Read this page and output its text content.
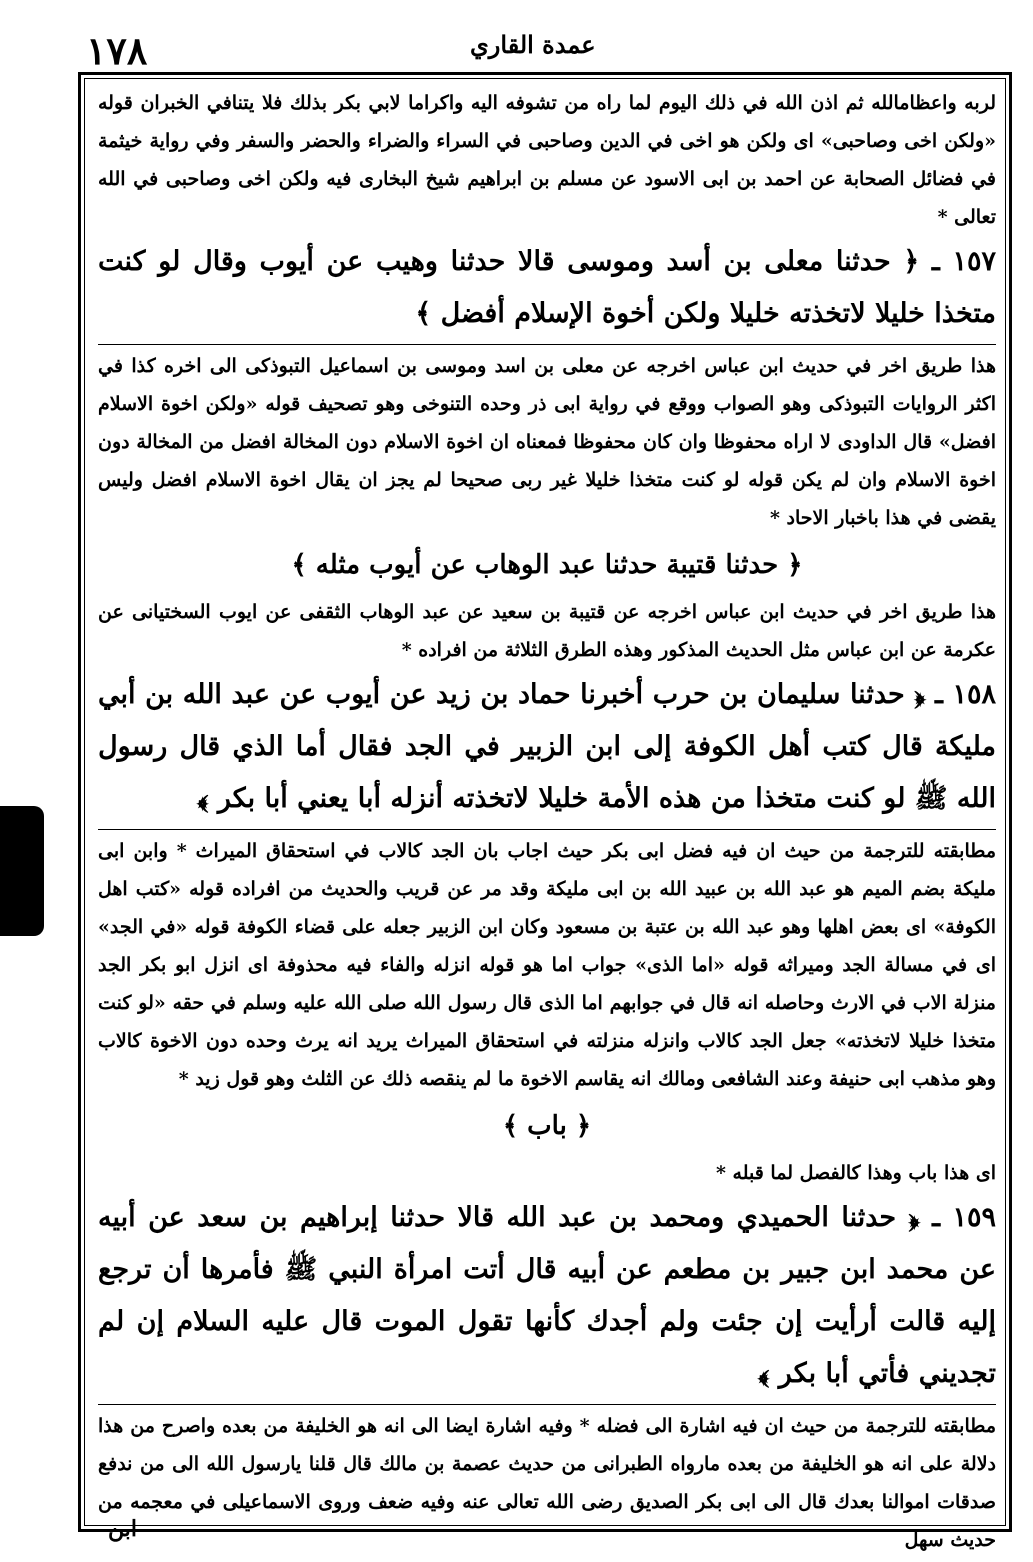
١٧٨	عمدة القاري

لربه واعظامالله ثم اذن الله في ذلك اليوم لما راه من تشوفه اليه واكراما لابي بكر بذلك فلا يتنافي الخبران قوله «ولكن اخى وصاحبى» اى ولكن هو اخى في الدين وصاحبى في السراء والضراء والحضر والسفر وفي رواية خيثمة في فضائل الصحابة عن احمد بن ابى الاسود عن مسلم بن ابراهيم شيخ البخارى فيه ولكن اخى وصاحبى في الله تعالى *

١٥٧ ـ ﴿ حدثنا معلى بن أسد وموسى قالا حدثنا وهيب عن أيوب وقال لو كنت متخذا خليلا لاتخذته خليلا ولكن أخوة الإسلام أفضل ﴾

هذا طريق اخر في حديث ابن عباس اخرجه عن معلى بن اسد وموسى بن اسماعيل التبوذكى الى اخره كذا في اكثر الروايات التبوذكى وهو الصواب ووقع في رواية ابى ذر وحده التنوخى وهو تصحيف قوله «ولكن اخوة الاسلام افضل» قال الداودى لا اراه محفوظا وان كان محفوظا فمعناه ان اخوة الاسلام دون المخالة افضل من المخالة دون اخوة الاسلام وان لم يكن قوله لو كنت متخذا خليلا غير ربى صحيحا لم يجز ان يقال اخوة الاسلام افضل وليس يقضى في هذا باخبار الاحاد *

﴿ حدثنا قتيبة حدثنا عبد الوهاب عن أيوب مثله ﴾

هذا طريق اخر في حديث ابن عباس اخرجه عن قتيبة بن سعيد عن عبد الوهاب الثقفى عن ايوب السختيانى عن عكرمة عن ابن عباس مثل الحديث المذكور وهذه الطرق الثلاثة من افراده *

١٥٨ ـ ﴿ حدثنا سليمان بن حرب أخبرنا حماد بن زيد عن أيوب عن عبد الله بن أبي مليكة قال كتب أهل الكوفة إلى ابن الزبير في الجد فقال أما الذي قال رسول الله ﷺ لو كنت متخذا من هذه الأمة خليلا لاتخذته أنزله أبا يعني أبا بكر ﴾

مطابقته للترجمة من حيث ان فيه فضل ابى بكر حيث اجاب بان الجد كالاب في استحقاق الميراث * وابن ابى مليكة بضم الميم هو عبد الله بن عبيد الله بن ابى مليكة وقد مر عن قريب والحديث من افراده قوله «كتب اهل الكوفة» اى بعض اهلها وهو عبد الله بن عتبة بن مسعود وكان ابن الزبير جعله على قضاء الكوفة قوله «في الجد» اى في مسالة الجد وميراثه قوله «اما الذى» جواب اما هو قوله انزله والفاء فيه محذوفة اى انزل ابو بكر الجد منزلة الاب في الارث وحاصله انه قال في جوابهم اما الذى قال رسول الله صلى الله عليه وسلم في حقه «لو كنت متخذا خليلا لاتخذته» جعل الجد كالاب وانزله منزلته في استحقاق الميراث يريد انه يرث وحده دون الاخوة كالاب وهو مذهب ابى حنيفة وعند الشافعى ومالك انه يقاسم الاخوة ما لم ينقصه ذلك عن الثلث وهو قول زيد *

﴿ باب ﴾

اى هذا باب وهذا كالفصل لما قبله *

١٥٩ ـ ﴿ حدثنا الحميدي ومحمد بن عبد الله قالا حدثنا إبراهيم بن سعد عن أبيه عن محمد ابن جبير بن مطعم عن أبيه قال أتت امرأة النبي ﷺ فأمرها أن ترجع إليه قالت أرأيت إن جئت ولم أجدك كأنها تقول الموت قال عليه السلام إن لم تجديني فأتي أبا بكر ﴾

مطابقته للترجمة من حيث ان فيه اشارة الى فضله * وفيه اشارة ايضا الى انه هو الخليفة من بعده واصرح من هذا دلالة على انه هو الخليفة من بعده مارواه الطبرانى من حديث عصمة بن مالك قال قلنا يارسول الله الى من ندفع صدقات اموالنا بعدك قال الى ابى بكر الصديق رضى الله تعالى عنه وفيه ضعف وروى الاسماعيلى في معجمه من حديث سهل

ابن
